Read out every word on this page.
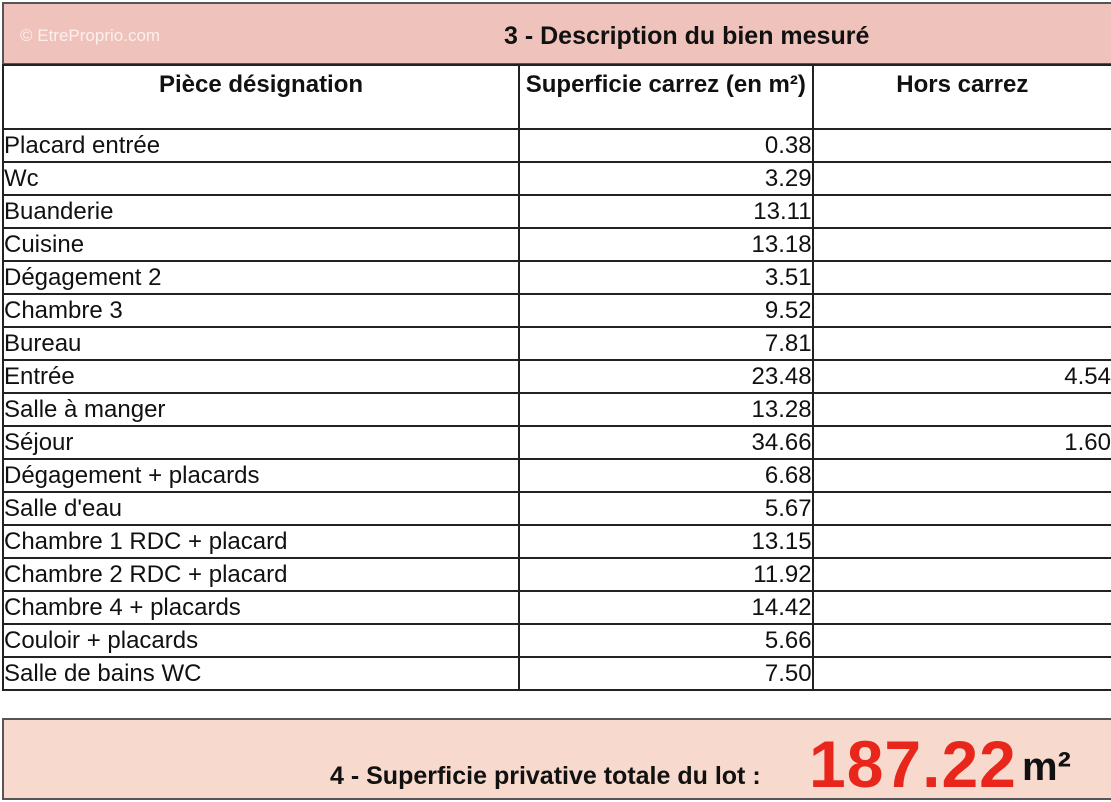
© EtreProprio.com	3 - Description du bien mesuré
Pièce désignation	Superficie carrez (en m²)	Hors carrez
Placard entrée	0.38	
Wc	3.29	
Buanderie	13.11	
Cuisine	13.18	
Dégagement 2	3.51	
Chambre 3	9.52	
Bureau	7.81	
Entrée	23.48	4.54
Salle à manger	13.28	
Séjour	34.66	1.60
Dégagement + placards	6.68	
Salle d'eau	5.67	
Chambre 1 RDC + placard	13.15	
Chambre 2 RDC + placard	11.92	
Chambre 4 + placards	14.42	
Couloir + placards	5.66	
Salle de bains WC	7.50	
4 - Superficie privative totale du lot : 187.22 m²
